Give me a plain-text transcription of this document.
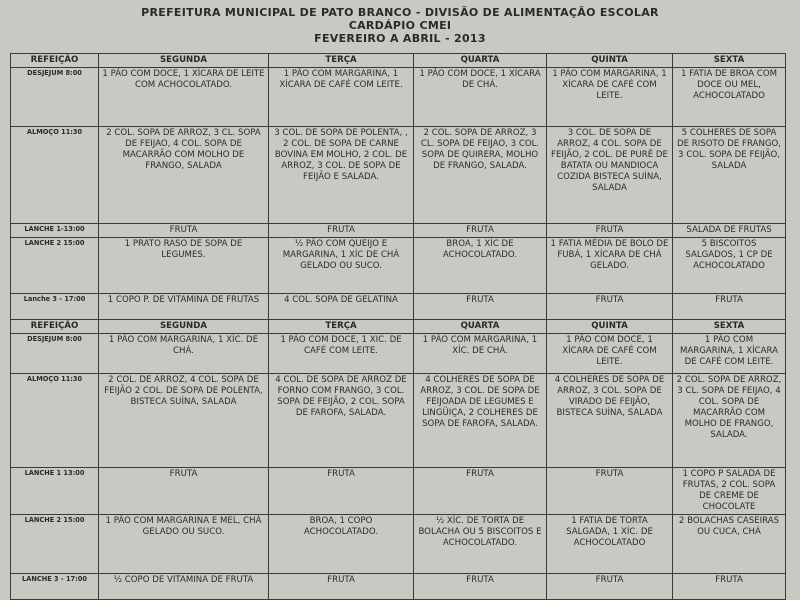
PREFEITURA MUNICIPAL DE PATO BRANCO - DIVISÃO DE ALIMENTAÇÃO ESCOLAR
CARDÁPIO CMEI
FEVEREIRO A ABRIL - 2013
REFEIÇÃO	SEGUNDA	TERÇA	QUARTA	QUINTA	SEXTA
DESJEJUM 8:00	1 PÃO COM DOCE, 1 XÍCARA DE LEITE COM ACHOCOLATADO.	1 PÃO COM MARGARINA, 1 XÍCARA DE CAFÉ COM LEITE.	1 PÃO COM DOCE, 1 XÍCARA DE CHÁ.	1 PÃO COM MARGARINA, 1 XÍCARA DE CAFÉ COM LEITE.	1 FATIA DE BROA COM DOCE OU MEL, ACHOCOLATADO
ALMOÇO 11:30	2 COL. SOPA DE ARROZ, 3 CL. SOPA DE FEIJAO, 4 COL. SOPA DE MACARRÃO COM MOLHO DE FRANGO, SALADA	3 COL. DE SOPA DE POLENTA, , 2 COL. DE SOPA DE CARNE BOVINA EM MOLHO, 2 COL. DE ARROZ, 3 COL. DE SOPA DE FEIJÃO E SALADA.	2 COL. SOPA DE ARROZ, 3 CL. SOPA DE FEIJAO, 3 COL. SOPA DE QUIRERA, MOLHO DE FRANGO, SALADA.	3 COL. DE SOPA DE ARROZ, 4 COL. SOPA DE FEIJÃO, 2 COL. DE PURÊ DE BATATA OU MANDIOCA COZIDA BISTECA SUÍNA, SALADA	5 COLHERES DE SOPA DE RISOTO DE FRANGO, 3 COL. SOPA DE FEIJÃO, SALADA
LANCHE 1-13:00	FRUTA	FRUTA	FRUTA	FRUTA	SALADA DE FRUTAS
LANCHE 2 15:00	1 PRATO RASO DE SOPA DE LEGUMES.	½ PÃO COM QUEIJO E MARGARINA, 1 XÍC DE CHÁ GELADO OU SUCO.	BROA, 1 XÍC DE ACHOCOLATADO.	1 FATIA MÉDIA DE BOLO DE FUBÁ, 1 XÍCARA DE CHÁ GELADO.	5 BISCOITOS SALGADOS, 1 CP DE ACHOCOLATADO
Lanche 3 - 17:00	1 COPO P. DE VITAMINA DE FRUTAS	4 COL. SOPA DE GELATINA	FRUTA	FRUTA	FRUTA
REFEIÇÃO	SEGUNDA	TERÇA	QUARTA	QUINTA	SEXTA
DESJEJUM 8:00	1 PÃO COM MARGARINA, 1 XÍC. DE CHÁ.	1 PÃO COM DOCE, 1 XIC. DE CAFÉ COM LEITE.	1 PÃO COM MARGARINA, 1 XÍC. DE CHÁ.	1 PÃO COM DOCE, 1 XÍCARA DE CAFÉ COM LEITE.	1 PÃO COM MARGARINA, 1 XÍCARA DE CAFÉ COM LEITE.
ALMOÇO 11:30	2 COL. DE ARROZ, 4 COL. SOPA DE FEIJÃO 2 COL. DE SOPA DE POLENTA, BISTECA SUÍNA, SALADA	4 COL. DE SOPA DE ARROZ DE FORNO COM FRANGO, 3 COL. SOPA DE FEIJÃO, 2 COL. SOPA DE FAROFA, SALADA.	4 COLHERES DE SOPA DE ARROZ, 3 COL. DE SOPA DE FEIJOADA DE LEGUMES E LINGÜIÇA, 2 COLHERES DE SOPA DE FAROFA, SALADA.	4 COLHERES DE SOPA DE ARROZ, 3 COL. SOPA DE VIRADO DE FEIJÃO, BISTECA SUÍNA, SALADA	2 COL. SOPA DE ARROZ, 3 CL. SOPA DE FEIJAO, 4 COL. SOPA DE MACARRÃO COM MOLHO DE FRANGO, SALADA.
LANCHE 1 13:00	FRUTA	FRUTA	FRUTA	FRUTA	1 COPO P SALADA DE FRUTAS, 2 COL. SOPA DE CREME DE CHOCOLATE
LANCHE 2 15:00	1 PÃO COM MARGARINA E MEL, CHÁ GELADO OU SUCO.	BROA, 1 COPO ACHOCOLATADO.	½ XÍC. DE TORTA DE BOLACHA OU 5 BISCOITOS E ACHOCOLATADO.	1 FATIA DE TORTA SALGADA, 1 XÍC. DE ACHOCOLATADO	2 BOLACHAS CASEIRAS OU CUCA, CHÁ
LANCHE 3 - 17:00	½ COPO DE VITAMINA DE FRUTA	FRUTA	FRUTA	FRUTA	FRUTA
